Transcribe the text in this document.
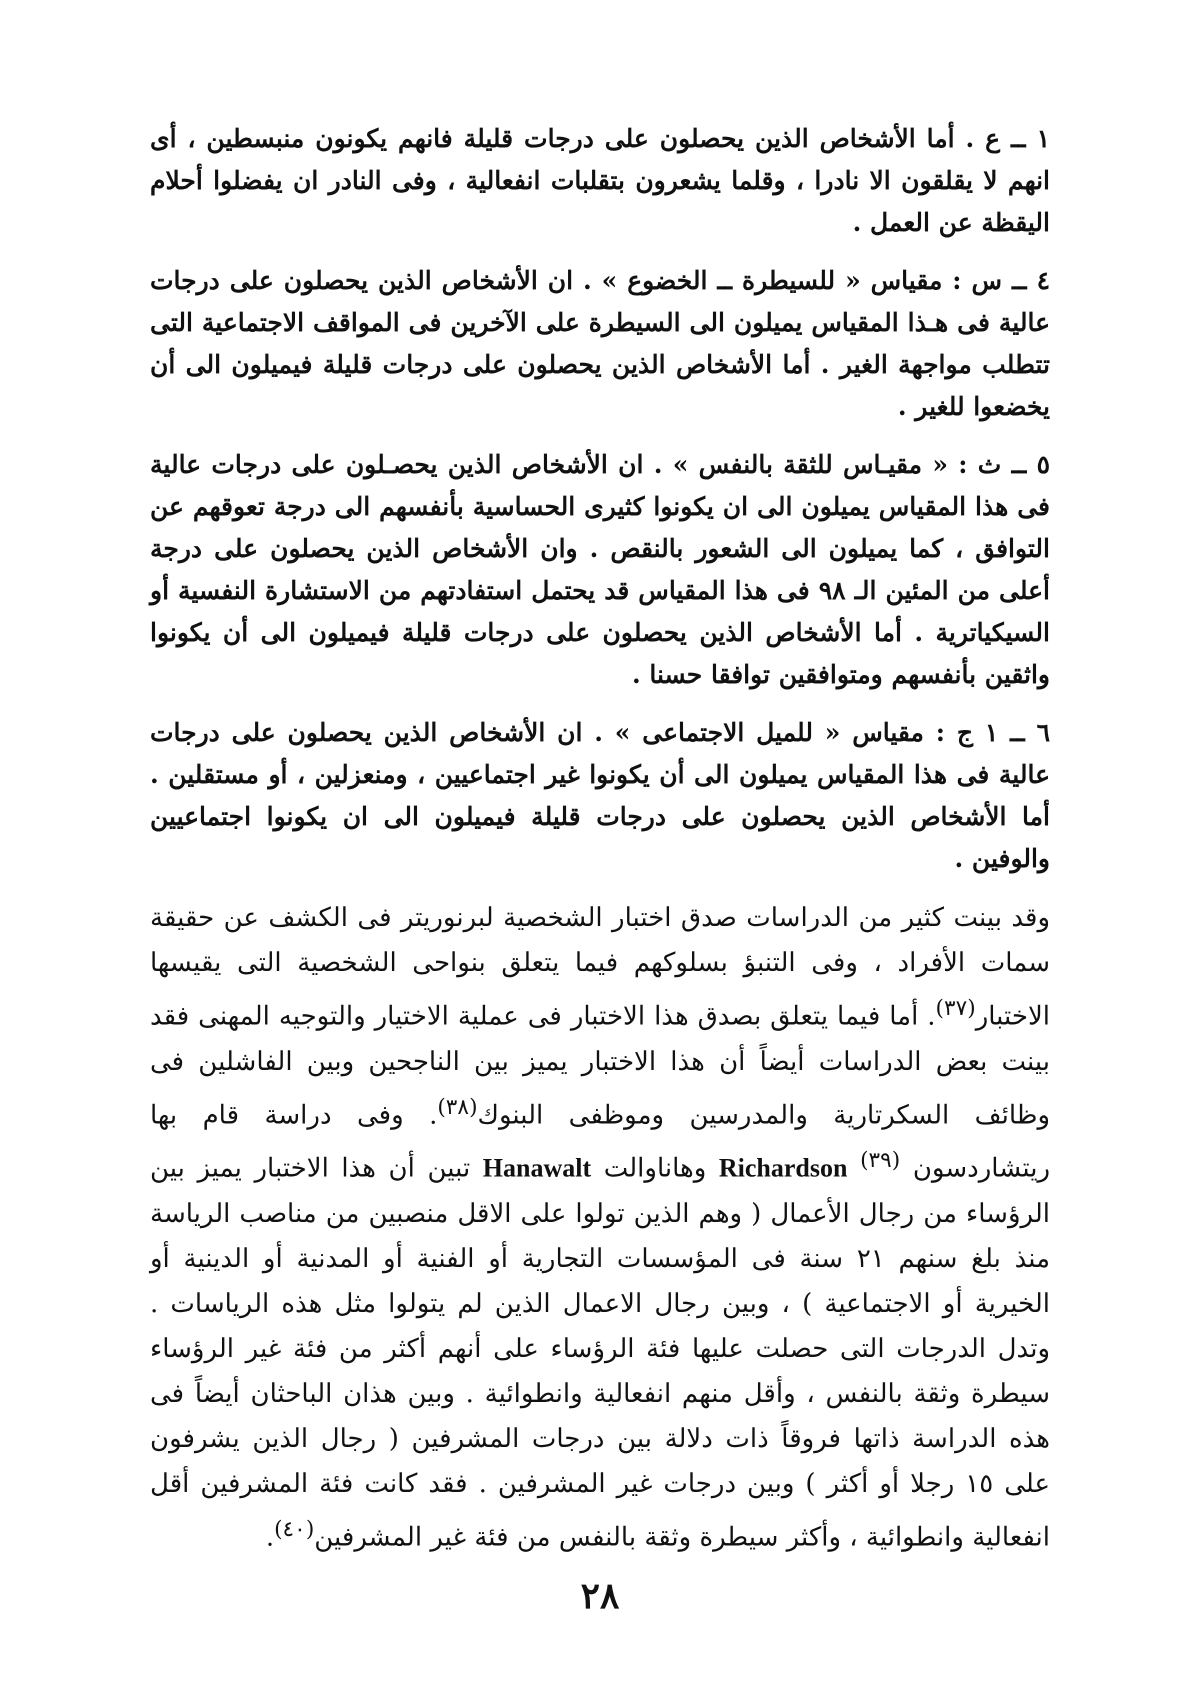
١ ــ ع . أما الأشخاص الذين يحصلون على درجات قليلة فانهم يكونون منبسطين ، أى انهم لا يقلقون الا نادرا ، وقلما يشعرون بتقلبات انفعالية ، وفى النادر ان يفضلوا أحلام اليقظة عن العمل .

٤ ــ س : مقياس « للسيطرة ــ الخضوع » . ان الأشخاص الذين يحصلون على درجات عالية فى هـذا المقياس يميلون الى السيطرة على الآخرين فى المواقف الاجتماعية التى تتطلب مواجهة الغير . أما الأشخاص الذين يحصلون على درجات قليلة فيميلون الى أن يخضعوا للغير .

٥ ــ ث : « مقيـاس للثقة بالنفس » . ان الأشخاص الذين يحصـلون على درجات عالية فى هذا المقياس يميلون الى ان يكونوا كثيرى الحساسية بأنفسهم الى درجة تعوقهم عن التوافق ، كما يميلون الى الشعور بالنقص . وان الأشخاص الذين يحصلون على درجة أعلى من المئين الـ ٩٨ فى هذا المقياس قد يحتمل استفادتهم من الاستشارة النفسية أو السيكياترية . أما الأشخاص الذين يحصلون على درجات قليلة فيميلون الى أن يكونوا واثقين بأنفسهم ومتوافقين توافقا حسنا .

٦ ــ ١ ج : مقياس « للميل الاجتماعى » . ان الأشخاص الذين يحصلون على درجات عالية فى هذا المقياس يميلون الى أن يكونوا غير اجتماعيين ، ومنعزلين ، أو مستقلين . أما الأشخاص الذين يحصلون على درجات قليلة فيميلون الى ان يكونوا اجتماعيين والوفين .

وقد بينت كثير من الدراسات صدق اختبار الشخصية لبرنوريتر فى الكشف عن حقيقة سمات الأفراد ، وفى التنبؤ بسلوكهم فيما يتعلق بنواحى الشخصية التى يقيسها الاختبار$^{(٣٧)}$. أما فيما يتعلق بصدق هذا الاختبار فى عملية الاختيار والتوجيه المهنى فقد بينت بعض الدراسات أيضاً أن هذا الاختبار يميز بين الناجحين وبين الفاشلين فى وظائف السكرتارية والمدرسين وموظفى البنوك$^{(٣٨)}$. وفى دراسة قام بها ريتشاردسون $^{(٣٩)}$ Richardson وهاناوالت Hanawalt تبين أن هذا الاختبار يميز بين الرؤساء من رجال الأعمال ( وهم الذين تولوا على الاقل منصبين من مناصب الرياسة منذ بلغ سنهم ٢١ سنة فى المؤسسات التجارية أو الفنية أو المدنية أو الدينية أو الخيرية أو الاجتماعية ) ، وبين رجال الاعمال الذين لم يتولوا مثل هذه الرياسات . وتدل الدرجات التى حصلت عليها فئة الرؤساء على أنهم أكثر من فئة غير الرؤساء سيطرة وثقة بالنفس ، وأقل منهم انفعالية وانطوائية . وبين هذان الباحثان أيضاً فى هذه الدراسة ذاتها فروقاً ذات دلالة بين درجات المشرفين ( رجال الذين يشرفون على ١٥ رجلا أو أكثر ) وبين درجات غير المشرفين . فقد كانت فئة المشرفين أقل انفعالية وانطوائية ، وأكثر سيطرة وثقة بالنفس من فئة غير المشرفين$^{(٤٠)}$.

٢٨
